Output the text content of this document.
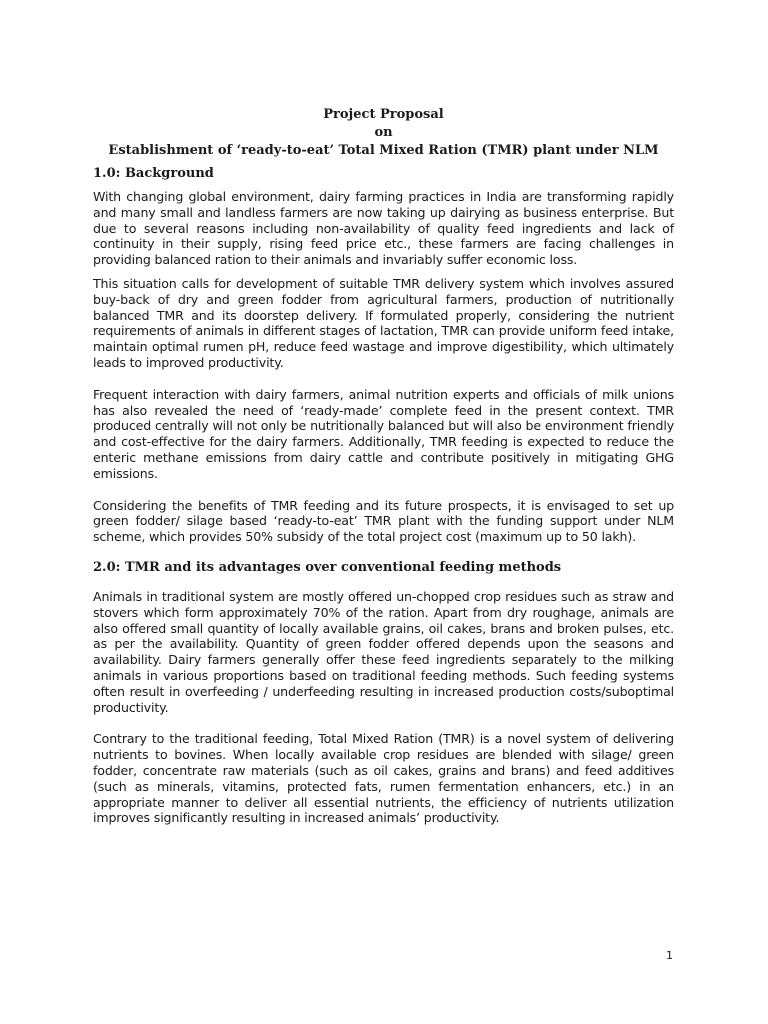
Project Proposal

on

Establishment of ‘ready-to-eat’ Total Mixed Ration (TMR) plant under NLM

1.0: Background

With changing global environment, dairy farming practices in India are transforming rapidly and many small and landless farmers are now taking up dairying as business enterprise. But due to several reasons including non-availability of quality feed ingredients and lack of continuity in their supply, rising feed price etc., these farmers are facing challenges in providing balanced ration to their animals and invariably suffer economic loss.

This situation calls for development of suitable TMR delivery system which involves assured buy-back of dry and green fodder from agricultural farmers, production of nutritionally balanced TMR and its doorstep delivery. If formulated properly, considering the nutrient requirements of animals in different stages of lactation, TMR can provide uniform feed intake, maintain optimal rumen pH, reduce feed wastage and improve digestibility, which ultimately leads to improved productivity.

Frequent interaction with dairy farmers, animal nutrition experts and officials of milk unions has also revealed the need of ‘ready-made’ complete feed in the present context. TMR produced centrally will not only be nutritionally balanced but will also be environment friendly and cost-effective for the dairy farmers. Additionally, TMR feeding is expected to reduce the enteric methane emissions from dairy cattle and contribute positively in mitigating GHG emissions.

Considering the benefits of TMR feeding and its future prospects, it is envisaged to set up green fodder/ silage based ‘ready-to-eat’ TMR plant with the funding support under NLM scheme, which provides 50% subsidy of the total project cost (maximum up to 50 lakh).

2.0: TMR and its advantages over conventional feeding methods

Animals in traditional system are mostly offered un-chopped crop residues such as straw and stovers which form approximately 70% of the ration. Apart from dry roughage, animals are also offered small quantity of locally available grains, oil cakes, brans and broken pulses, etc. as per the availability. Quantity of green fodder offered depends upon the seasons and availability. Dairy farmers generally offer these feed ingredients separately to the milking animals in various proportions based on traditional feeding methods. Such feeding systems often result in overfeeding / underfeeding resulting in increased production costs/suboptimal productivity.

Contrary to the traditional feeding, Total Mixed Ration (TMR) is a novel system of delivering nutrients to bovines. When locally available crop residues are blended with silage/ green fodder, concentrate raw materials (such as oil cakes, grains and brans) and feed additives (such as minerals, vitamins, protected fats, rumen fermentation enhancers, etc.) in an appropriate manner to deliver all essential nutrients, the efficiency of nutrients utilization improves significantly resulting in increased animals’ productivity.

1
